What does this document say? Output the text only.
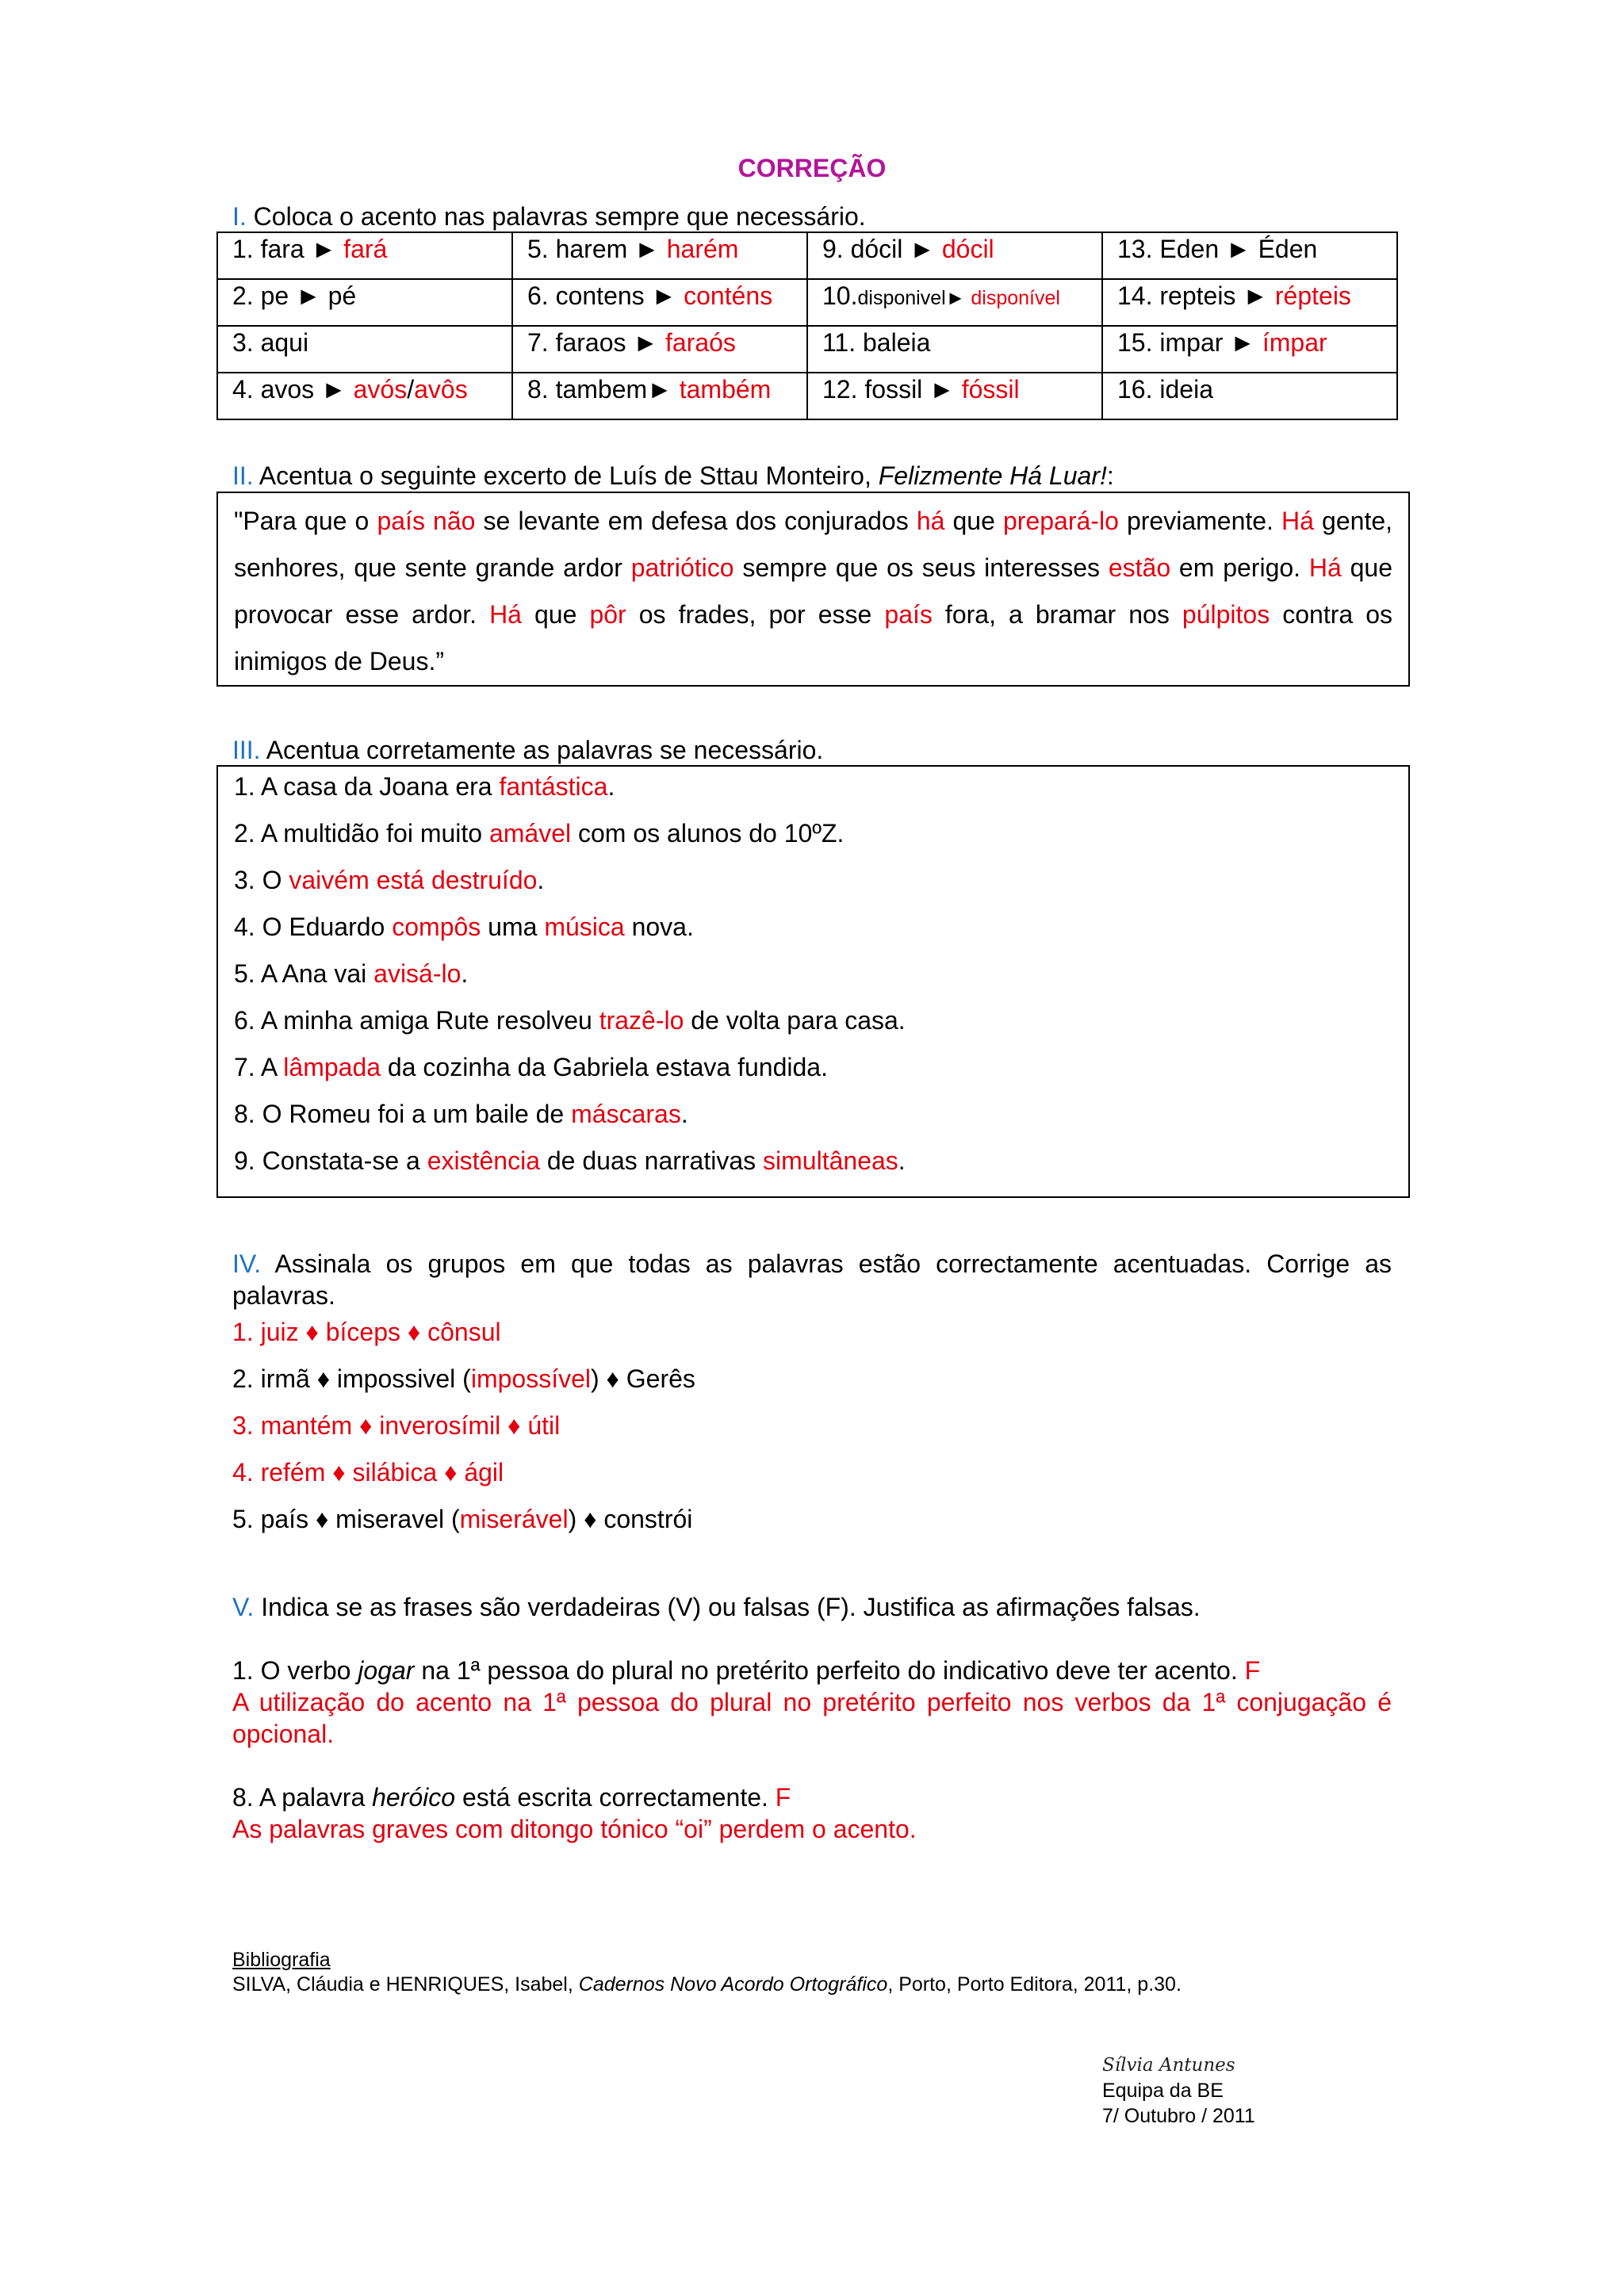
CORREÇÃO
I. Coloca o acento nas palavras sempre que necessário.
1. fara ► fará	5. harem ► harém	9. dócil ► dócil	13. Eden ► Éden
2. pe ► pé	6. contens ► conténs	10.disponivel► disponível	14. repteis ► répteis
3. aqui	7. faraos ► faraós	11. baleia	15. impar ► ímpar
4. avos ► avós/avôs	8. tambem► também	12. fossil ► fóssil	16. ideia
II. Acentua o seguinte excerto de Luís de Sttau Monteiro, Felizmente Há Luar!:
"Para que o país não se levante em defesa dos conjurados há que prepará-lo previamente. Há gente, senhores, que sente grande ardor patriótico sempre que os seus interesses estão em perigo. Há que provocar esse ardor. Há que pôr os frades, por esse país fora, a bramar nos púlpitos contra os inimigos de Deus.”
III. Acentua corretamente as palavras se necessário.
1. A casa da Joana era fantástica.
2. A multidão foi muito amável com os alunos do 10ºZ.
3. O vaivém está destruído.
4. O Eduardo compôs uma música nova.
5. A Ana vai avisá-lo.
6. A minha amiga Rute resolveu trazê-lo de volta para casa.
7. A lâmpada da cozinha da Gabriela estava fundida.
8. O Romeu foi a um baile de máscaras.
9. Constata-se a existência de duas narrativas simultâneas.
IV. Assinala os grupos em que todas as palavras estão correctamente acentuadas. Corrige as palavras.
1. juiz ♦ bíceps ♦ cônsul
2. irmã ♦ impossivel (impossível) ♦ Gerês
3. mantém ♦ inverosímil ♦ útil
4. refém ♦ silábica ♦ ágil
5. país ♦ miseravel (miserável) ♦ constrói
V. Indica se as frases são verdadeiras (V) ou falsas (F). Justifica as afirmações falsas.
1. O verbo jogar na 1ª pessoa do plural no pretérito perfeito do indicativo deve ter acento. F
A utilização do acento na 1ª pessoa do plural no pretérito perfeito nos verbos da 1ª conjugação é opcional.
8. A palavra heróico está escrita correctamente. F
As palavras graves com ditongo tónico “oi” perdem o acento.
Bibliografia
SILVA, Cláudia e HENRIQUES, Isabel, Cadernos Novo Acordo Ortográfico, Porto, Porto Editora, 2011, p.30.
Sílvia Antunes
Equipa da BE
7/ Outubro / 2011
